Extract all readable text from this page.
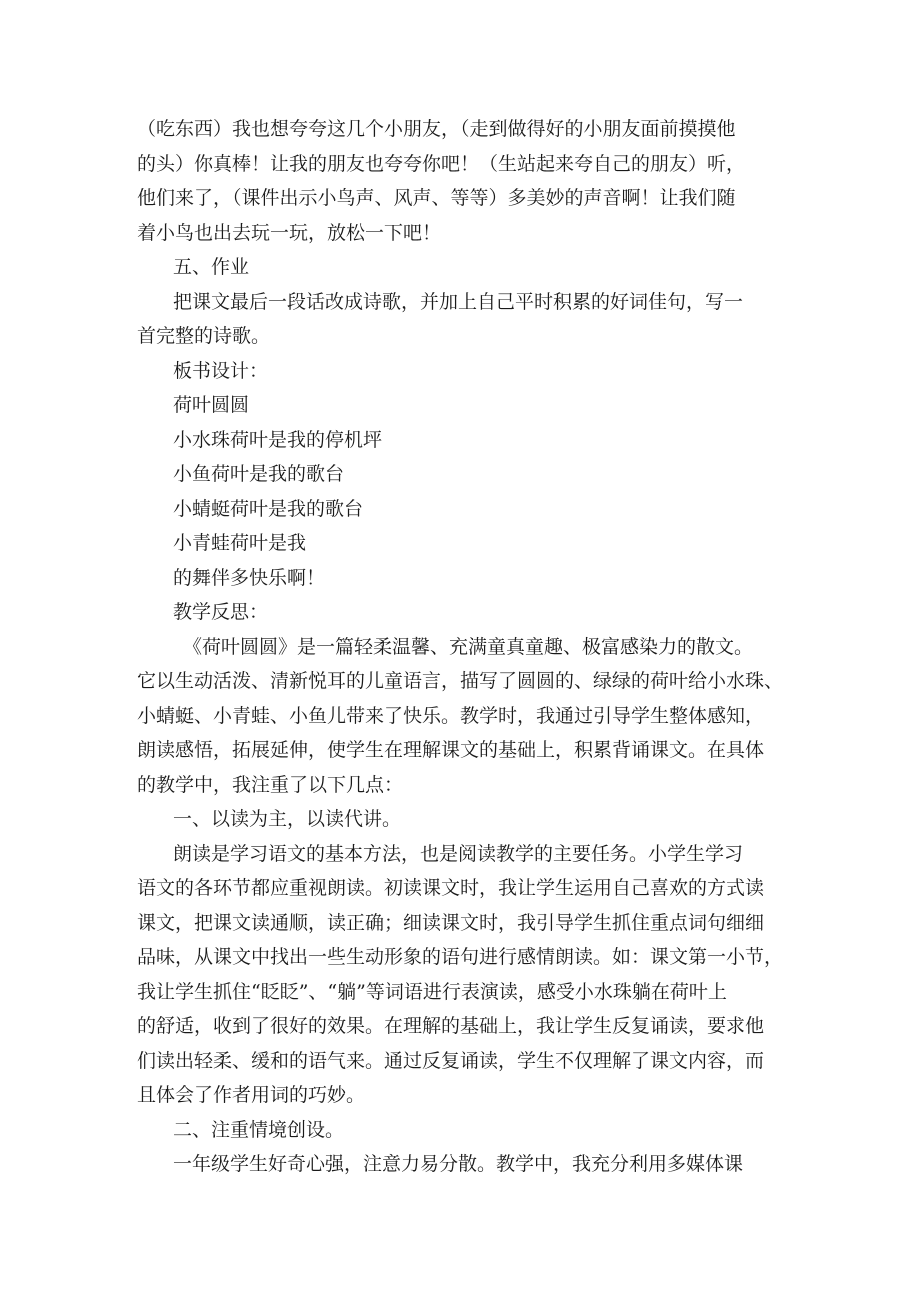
（吃东西）我也想夸夸这几个小朋友，（走到做得好的小朋友面前摸摸他

的头）你真棒！让我的朋友也夸夸你吧！（生站起来夸自己的朋友）听，

他们来了，（课件出示小鸟声、风声、等等）多美妙的声音啊！让我们随

着小鸟也出去玩一玩，放松一下吧！

五、作业

把课文最后一段话改成诗歌，并加上自己平时积累的好词佳句，写一

首完整的诗歌。

板书设计：

荷叶圆圆

小水珠荷叶是我的停机坪

小鱼荷叶是我的歌台

小蜻蜓荷叶是我的歌台

小青蛙荷叶是我

的舞伴多快乐啊！

教学反思：

《荷叶圆圆》是一篇轻柔温馨、充满童真童趣、极富感染力的散文。

它以生动活泼、清新悦耳的儿童语言，描写了圆圆的、绿绿的荷叶给小水珠、

小蜻蜓、小青蛙、小鱼儿带来了快乐。教学时，我通过引导学生整体感知，

朗读感悟，拓展延伸，使学生在理解课文的基础上，积累背诵课文。在具体

的教学中，我注重了以下几点：

一、以读为主，以读代讲。

朗读是学习语文的基本方法，也是阅读教学的主要任务。小学生学习

语文的各环节都应重视朗读。初读课文时，我让学生运用自己喜欢的方式读

课文，把课文读通顺，读正确；细读课文时，我引导学生抓住重点词句细细

品味，从课文中找出一些生动形象的语句进行感情朗读。如：课文第一小节，

我让学生抓住“眨眨”、“躺”等词语进行表演读，感受小水珠躺在荷叶上

的舒适，收到了很好的效果。在理解的基础上，我让学生反复诵读，要求他

们读出轻柔、缓和的语气来。通过反复诵读，学生不仅理解了课文内容，而

且体会了作者用词的巧妙。

二、注重情境创设。

一年级学生好奇心强，注意力易分散。教学中，我充分利用多媒体课
